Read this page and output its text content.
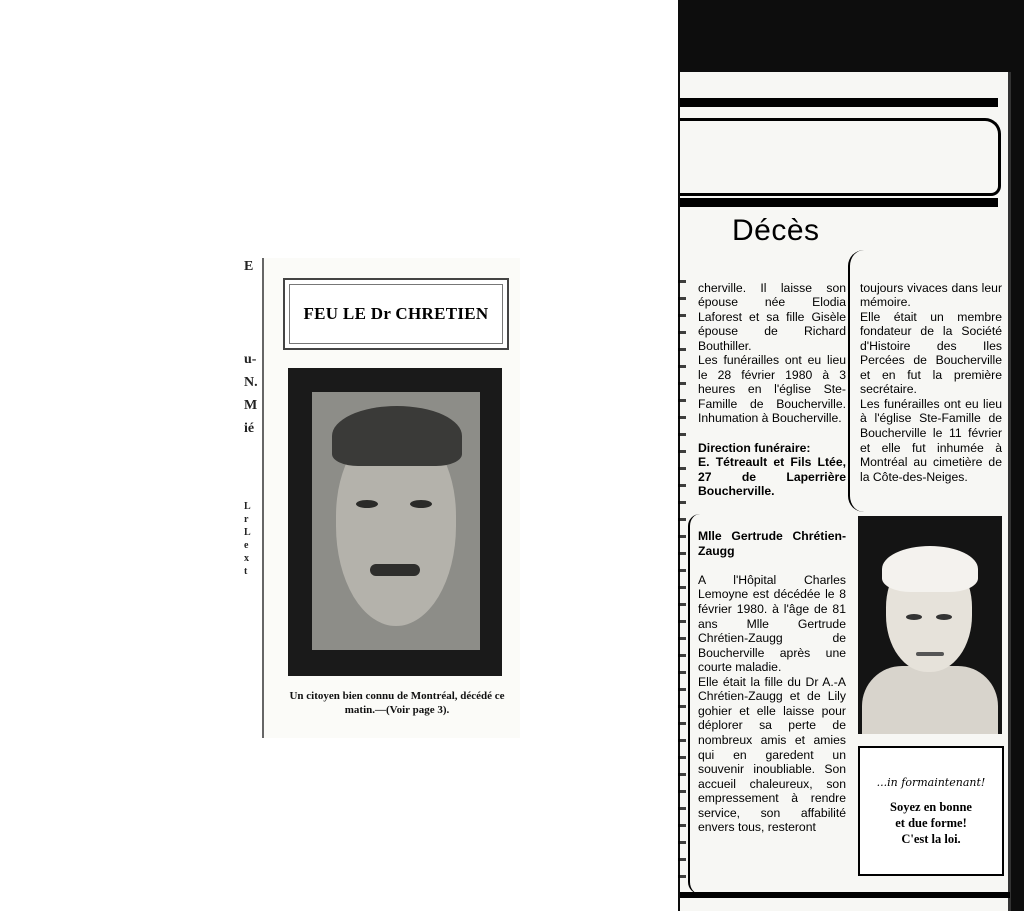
E
u-
N.
M
ié
L
r
L
e
x
t
FEU LE Dr CHRETIEN
Un citoyen bien connu de Montréal, décédé ce matin.—(Voir page 3).
Décès

cherville. Il laisse son épouse née Elodia Laforest et sa fille Gisèle épouse de Richard Bouthiller.
Les funérailles ont eu lieu le 28 février 1980 à 3 heures en l'église Ste-Famille de Boucherville. Inhumation à Boucherville.

Direction funéraire:
E. Tétreault et Fils Ltée, 27 de Laperrière Boucherville.

Mlle Gertrude Chrétien-Zaugg

A l'Hôpital Charles Lemoyne est décédée le 8 février 1980. à l'âge de 81 ans Mlle Gertrude Chrétien-Zaugg de Boucherville après une courte maladie.
Elle était la fille du Dr A.-A Chrétien-Zaugg et de Lily gohier et elle laisse pour déplorer sa perte de nombreux amis et amies qui en garedent un souvenir inoubliable. Son accueil chaleureux, son empressement à rendre service, son affabilité envers tous, resteront

toujours vivaces dans leur mémoire.
Elle était un membre fondateur de la Société d'Histoire des Iles Percées de Boucherville et en fut la première secrétaire.
Les funérailles ont eu lieu à l'église Ste-Famille de Boucherville le 11 février et elle fut inhumée à Montréal au cimetière de la Côte-des-Neiges.

...in formaintenant!
Soyez en bonne
et due forme!
C'est la loi.
